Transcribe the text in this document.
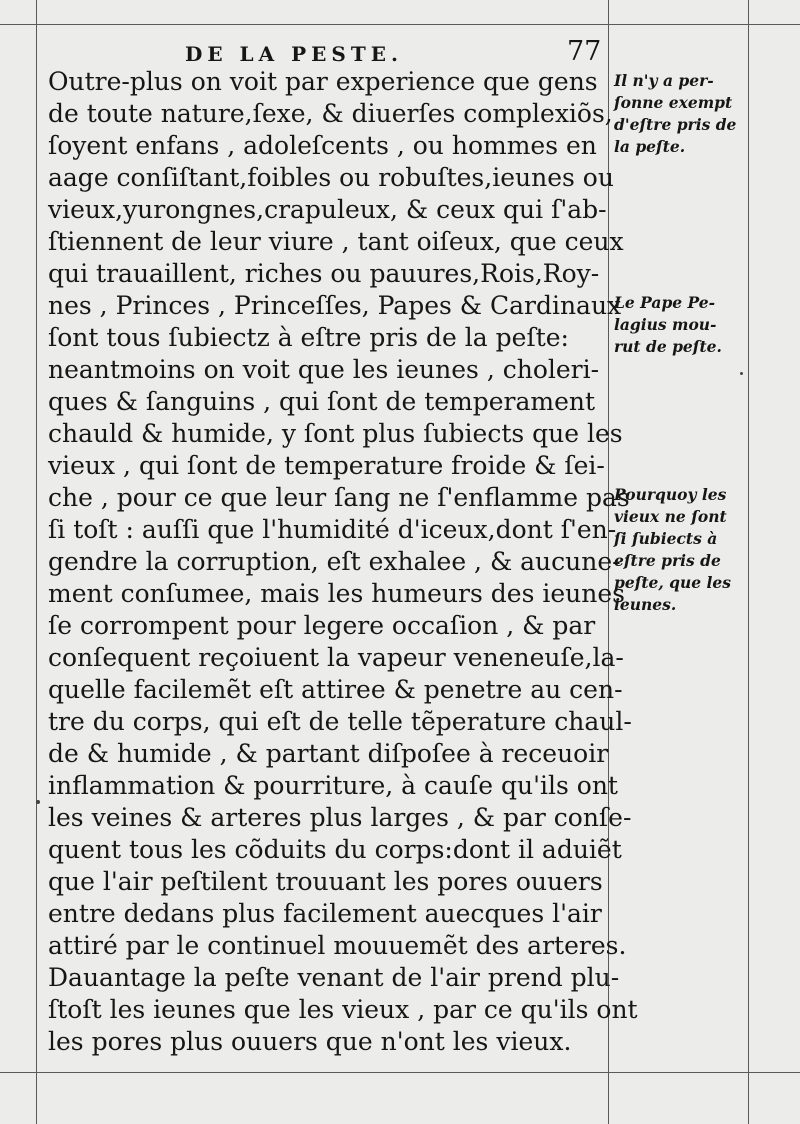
DE LA PESTE.	77
Outre-plus on voit par experience que gens
de toute nature,ſexe, & diuerſes complexiõs,
ſoyent enfans , adoleſcents , ou hommes en
aage conſiſtant,foibles ou robuſtes,ieunes ou
vieux,yurongnes,crapuleux, & ceux qui ſ'ab-
ſtiennent de leur viure , tant oiſeux, que ceux
qui trauaillent, riches ou pauures,Rois,Roy-
nes , Princes , Princeſſes, Papes & Cardinaux
ſont tous ſubiectz à eſtre pris de la peſte:
neantmoins on voit que les ieunes , choleri-
ques & ſanguins , qui ſont de temperament
chauld & humide, y ſont plus ſubiects que les
vieux , qui ſont de temperature froide & ſei-
che , pour ce que leur ſang ne ſ'enflamme pas
ſi toſt : auſſi que l'humidité d'iceux,dont ſ'en-
gendre la corruption, eſt exhalee , & aucune-
ment conſumee, mais les humeurs des ieunes
ſe corrompent pour legere occaſion , & par
conſequent reçoiuent la vapeur veneneuſe,la-
quelle facilemẽt eſt attiree & penetre au cen-
tre du corps, qui eſt de telle tẽperature chaul-
de & humide , & partant diſpoſee à receuoir
inflammation & pourriture, à cauſe qu'ils ont
les veines & arteres plus larges , & par conſe-
quent tous les cõduits du corps:dont il aduiẽt
que l'air peſtilent trouuant les pores ouuers
entre dedans plus facilement auecques l'air
attiré par le continuel mouuemẽt des arteres.
Dauantage la peſte venant de l'air prend plu-
ſtoſt les ieunes que les vieux , par ce qu'ils ont
les pores plus ouuers que n'ont les vieux.
Il n'y a per-
ſonne exempt
d'eſtre pris de
la peſte.
Le Pape Pe-
lagius mou-
rut de peſte.
Pourquoy les
vieux ne ſont
ſi ſubiects à
eſtre pris de
peſte, que les
ieunes.
